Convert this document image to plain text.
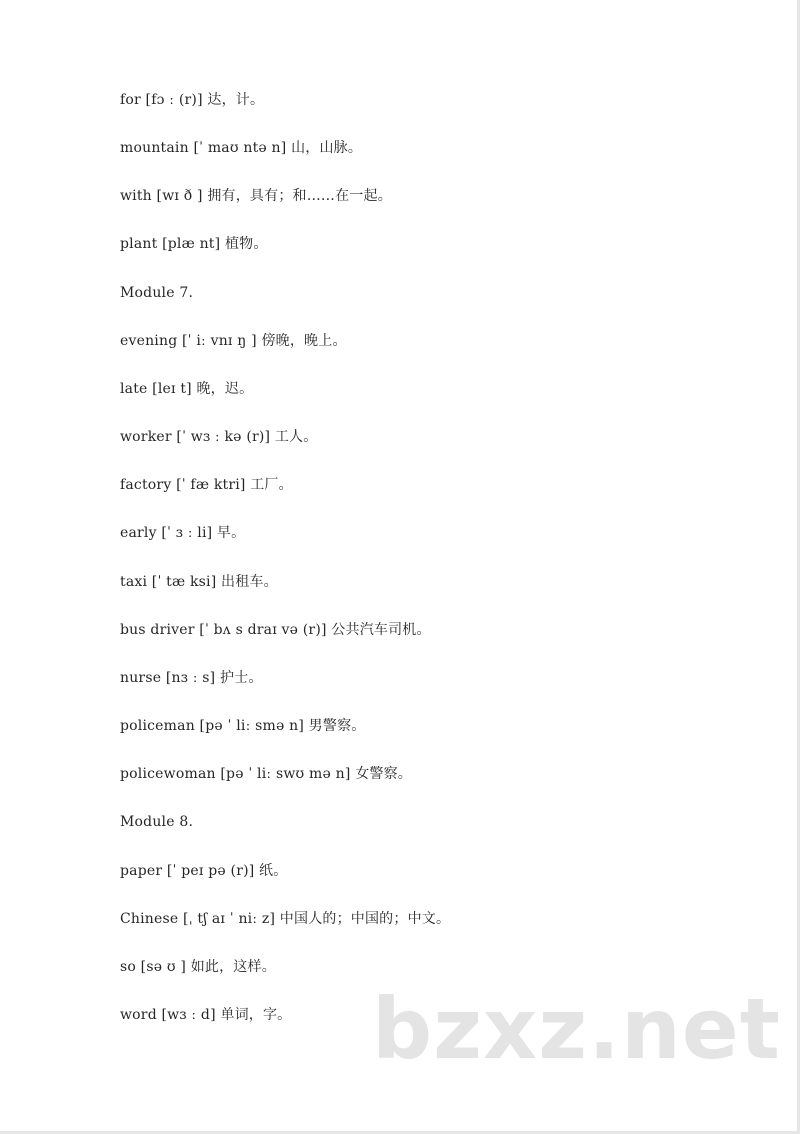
for [fɔ ː (r)] 达，计。
mountain [ˈ maʊ ntə n] 山，山脉。
with [wɪ ð ] 拥有，具有；和……在一起。
plant [plæ nt] 植物。
Module 7.
evening [ˈ iː vnɪ ŋ ] 傍晚，晚上。
late [leɪ t] 晚，迟。
worker [ˈ wɜ ː kə (r)] 工人。
factory [ˈ fæ ktri] 工厂。
early [ˈ ɜ ː li] 早。
taxi [ˈ tæ ksi] 出租车。
bus driver [ˈ bʌ s draɪ və (r)] 公共汽车司机。
nurse [nɜ ː s] 护士。
policeman [pə ˈ liː smə n] 男警察。
policewoman [pə ˈ liː swʊ mə n] 女警察。
Module 8.
paper [ˈ peɪ pə (r)] 纸。
Chinese [ˌ tʃ aɪ ˈ niː z] 中国人的；中国的；中文。
so [sə ʊ ] 如此，这样。
word [wɜ ː d] 单词，字。 bzxz.net
